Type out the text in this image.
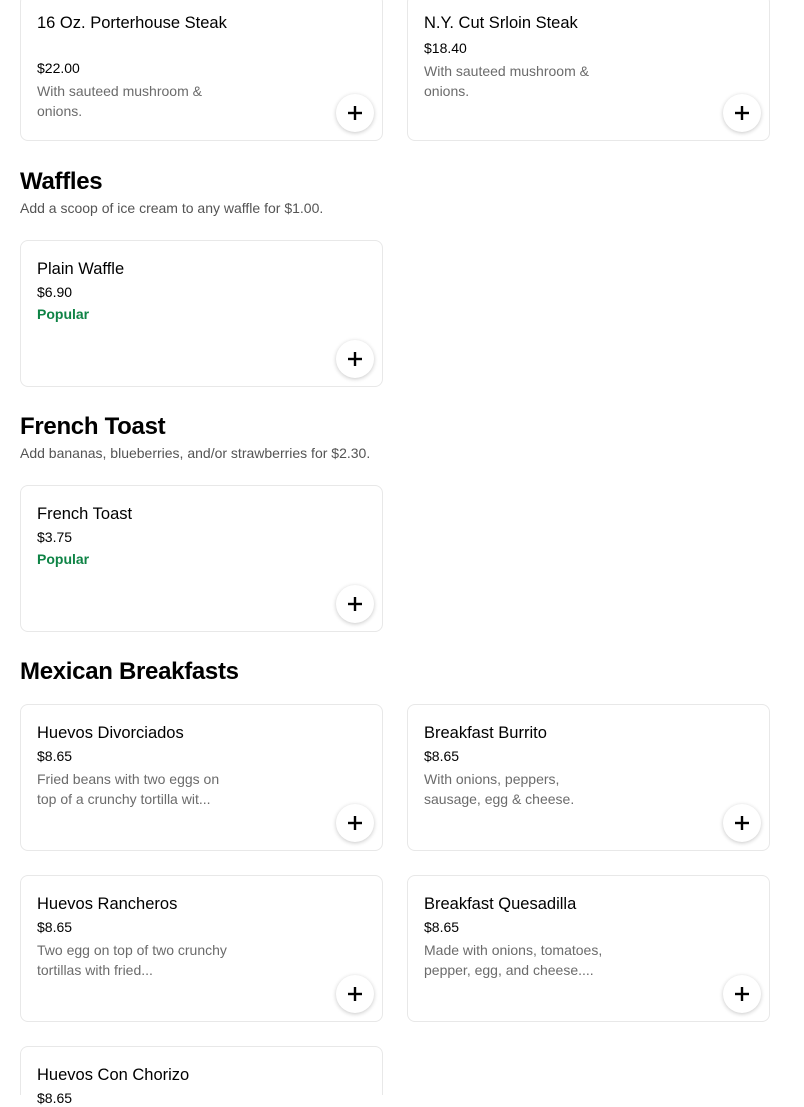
16 Oz. Porterhouse Steak
$22.00
With sauteed mushroom & onions.
N.Y. Cut Srloin Steak
$18.40
With sauteed mushroom & onions.
Waffles
Add a scoop of ice cream to any waffle for $1.00.
Plain Waffle
$6.90
Popular
French Toast
Add bananas, blueberries, and/or strawberries for $2.30.
French Toast
$3.75
Popular
Mexican Breakfasts
Huevos Divorciados
$8.65
Fried beans with two eggs on top of a crunchy tortilla wit...
Breakfast Burrito
$8.65
With onions, peppers, sausage, egg & cheese.
Huevos Rancheros
$8.65
Two egg on top of two crunchy tortillas with fried...
Breakfast Quesadilla
$8.65
Made with onions, tomatoes, pepper, egg, and cheese....
Huevos Con Chorizo
$8.65
